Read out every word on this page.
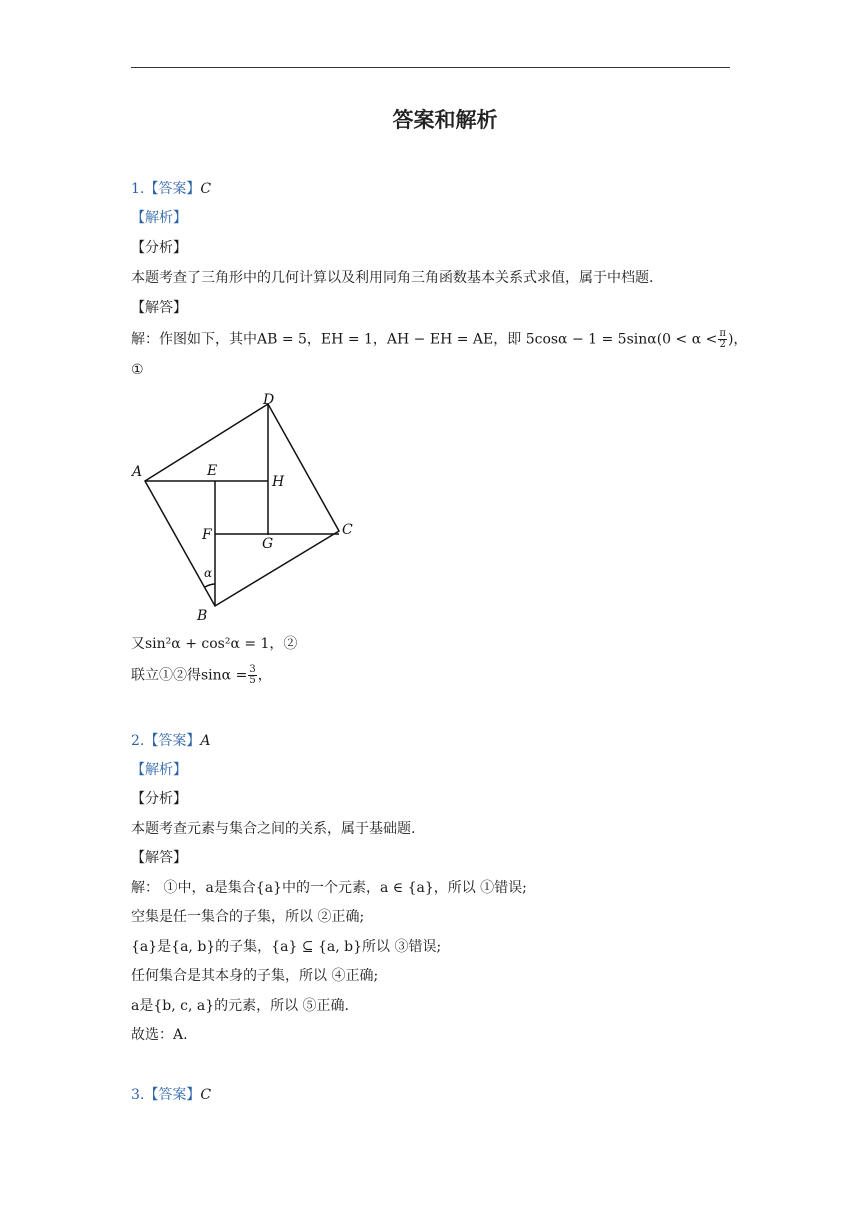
答案和解析
1.【答案】C
【解析】
【分析】
本题考查了三角形中的几何计算以及利用同角三角函数基本关系式求值，属于中档题.
【解答】
解：作图如下，其中AB = 5，EH = 1，AH − EH = AE，即 $5\cos\alpha - 1 = 5\sin\alpha(0 < \alpha < \frac{\pi}{2}$ )，
①
A
D
E
H
F
G
C
B
α
又sin²α + cos²α = 1，②
联立①②得$\sin\alpha = \frac{3}{5}$ ，
2.【答案】A
【解析】
【分析】
本题考查元素与集合之间的关系，属于基础题.
【解答】
解： ①中，a是集合{a}中的一个元素，a ∈ {a}，所以 ①错误;
空集是任一集合的子集，所以 ②正确;
{a}是{a, b}的子集，{a} ⊆ {a, b}所以 ③错误;
任何集合是其本身的子集，所以 ④正确;
a是{b, c, a}的元素，所以 ⑤正确.
故选：A.
3.【答案】C
